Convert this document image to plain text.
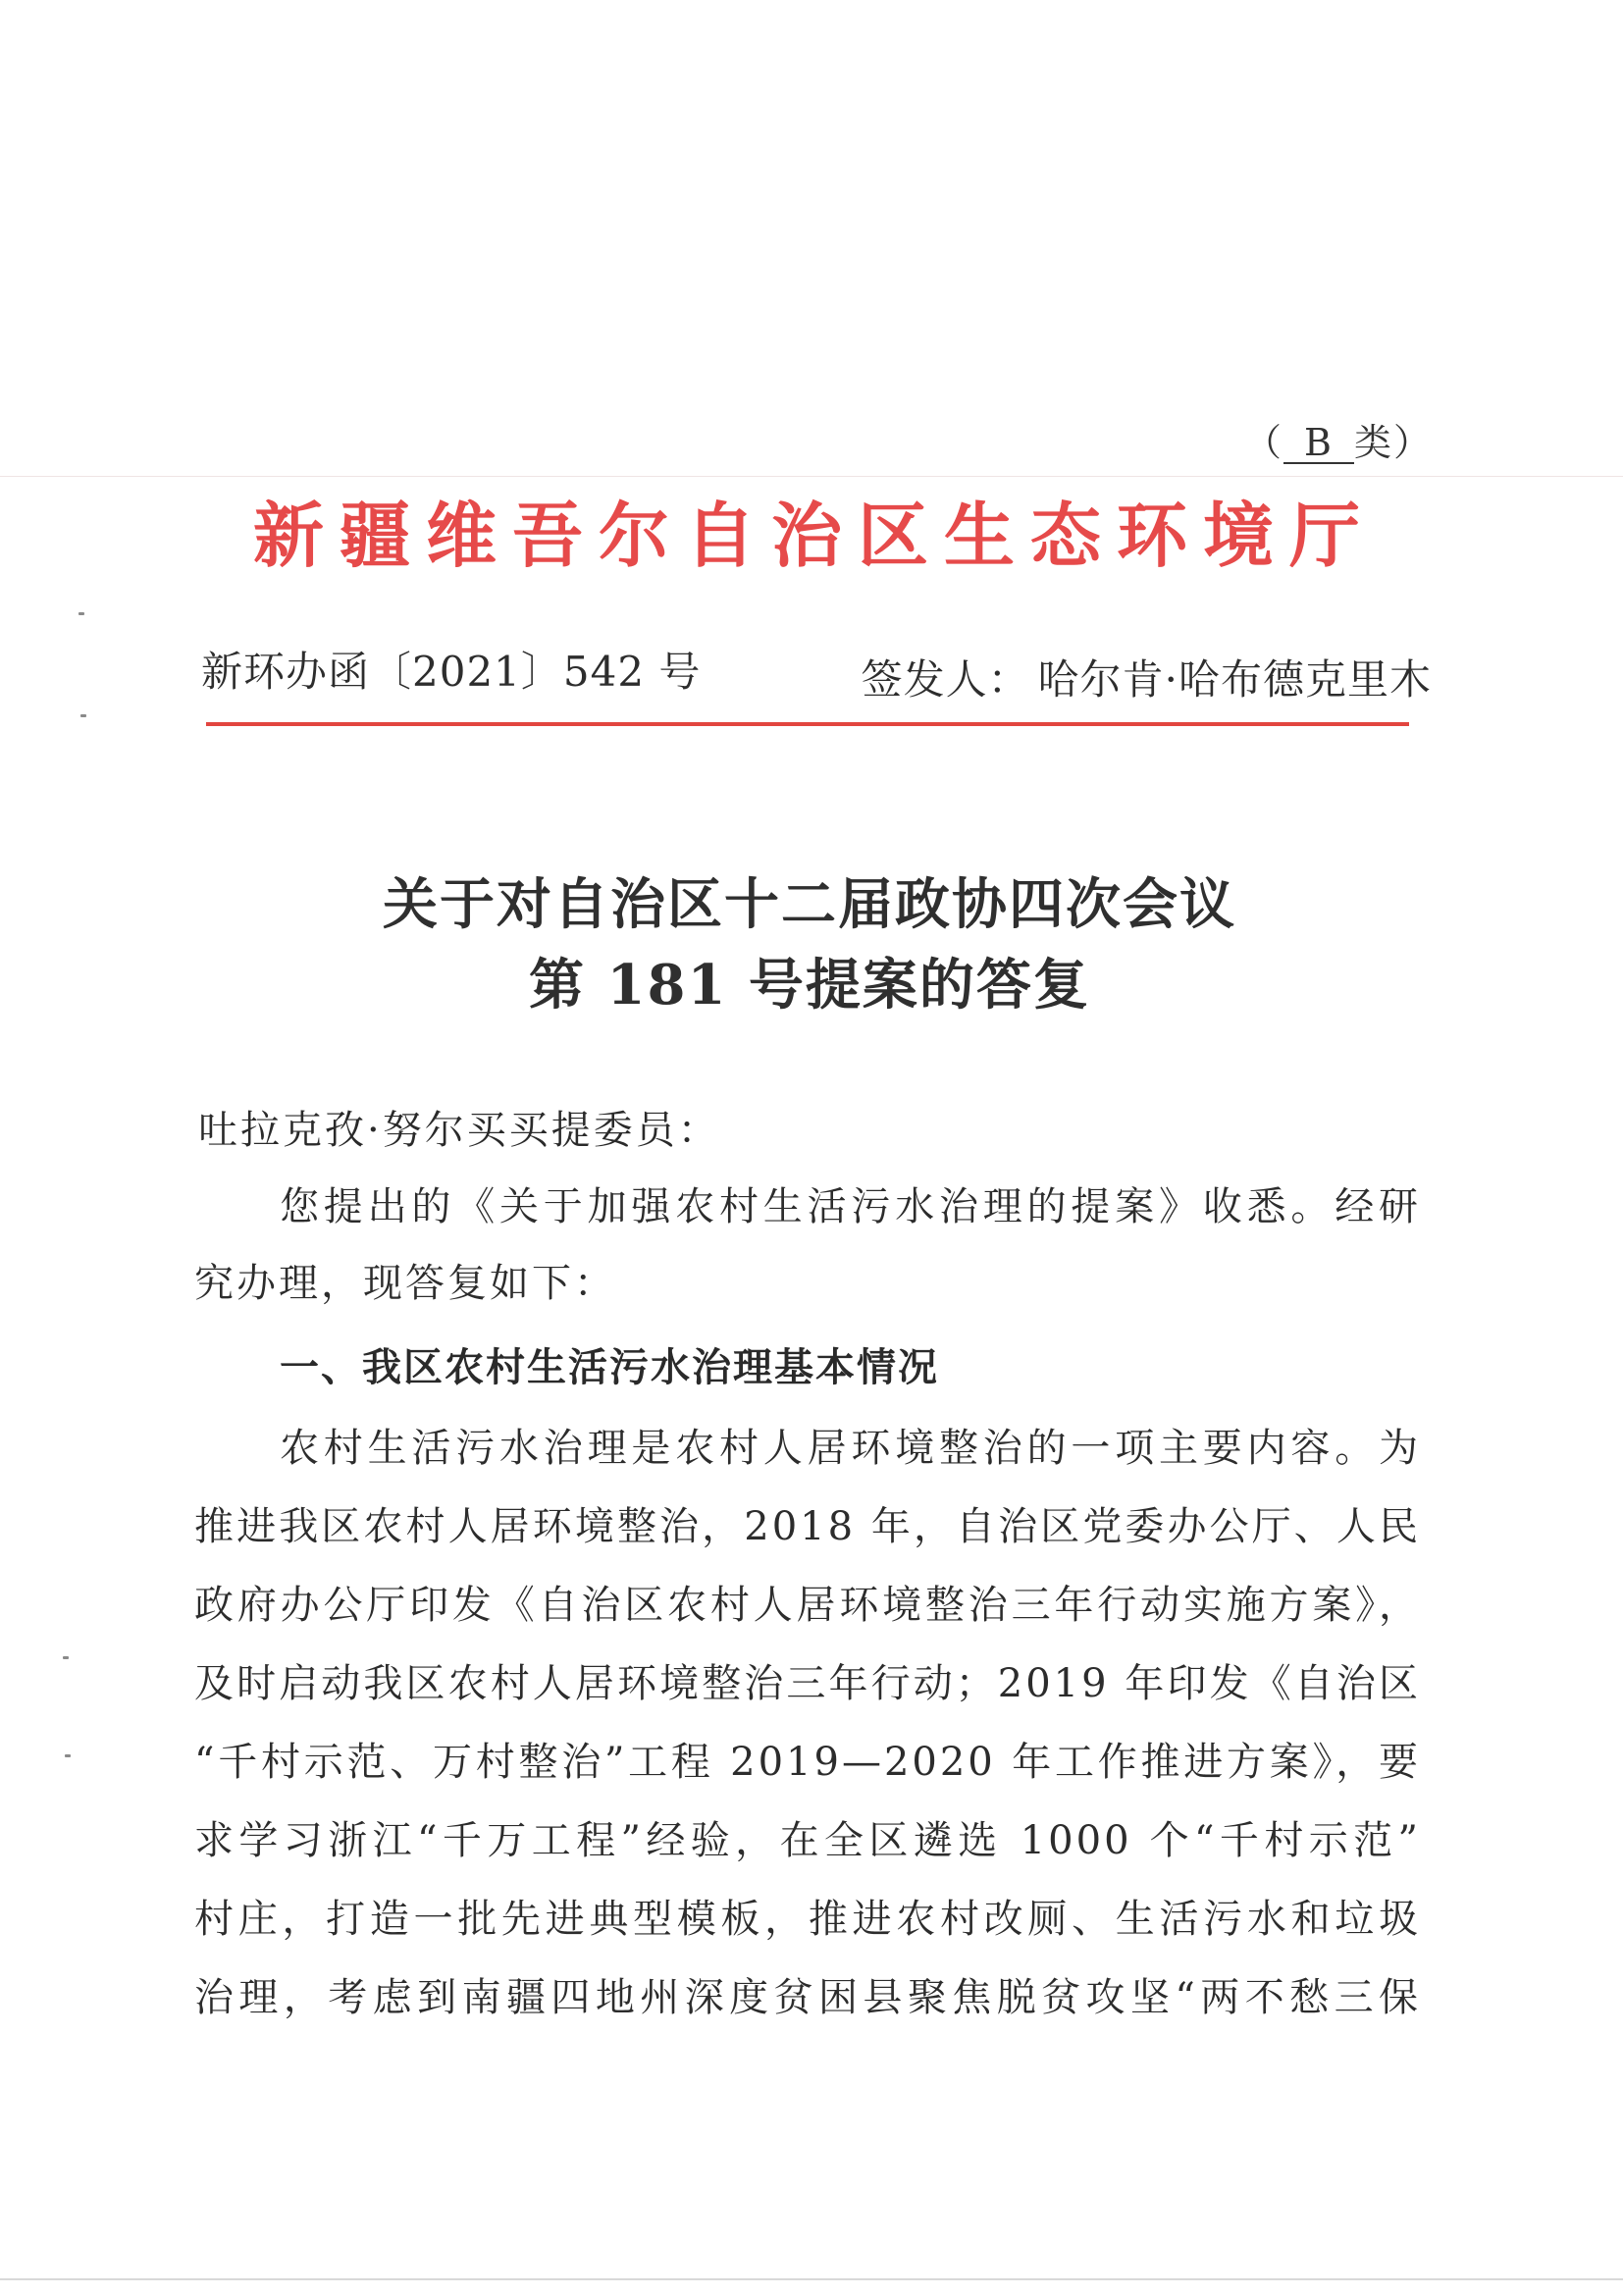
（ B 类）
新疆维吾尔自治区生态环境厅
新环办函〔2021〕542 号	签发人： 哈尔肯·哈布德克里木
关于对自治区十二届政协四次会议
第 181 号提案的答复
吐拉克孜·努尔买买提委员：
您提出的《关于加强农村生活污水治理的提案》收悉。经研
究办理，现答复如下：
一、我区农村生活污水治理基本情况
农村生活污水治理是农村人居环境整治的一项主要内容。为
推进我区农村人居环境整治，2018 年，自治区党委办公厅、人民
政府办公厅印发《自治区农村人居环境整治三年行动实施方案》，
及时启动我区农村人居环境整治三年行动；2019 年印发《自治区
“千村示范、万村整治”工程 2019—2020 年工作推进方案》，要
求学习浙江“千万工程”经验，在全区遴选 1000 个“千村示范”
村庄，打造一批先进典型模板，推进农村改厕、生活污水和垃圾
治理，考虑到南疆四地州深度贫困县聚焦脱贫攻坚“两不愁三保
